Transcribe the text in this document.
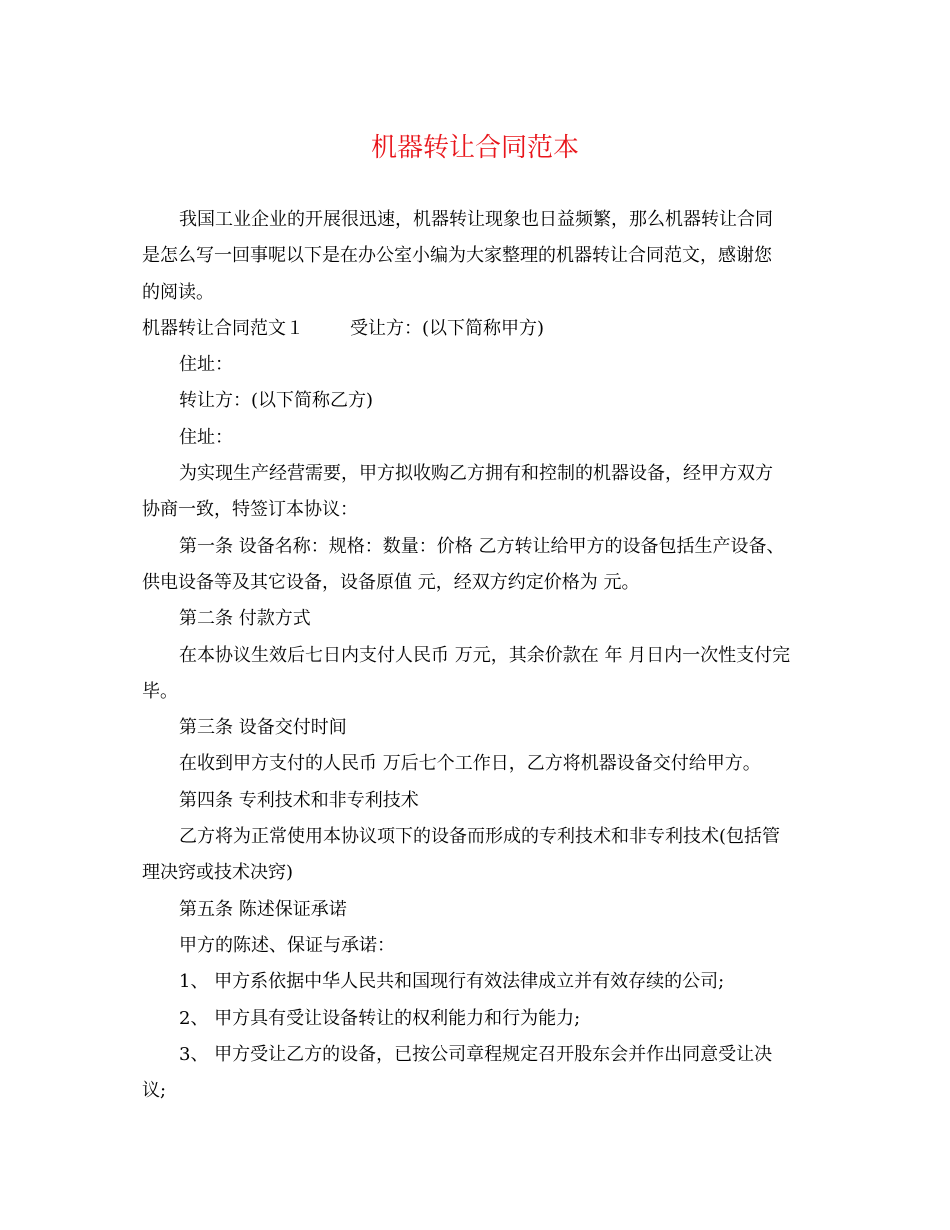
机器转让合同范本
我国工业企业的开展很迅速，机器转让现象也日益频繁，那么机器转让合同
是怎么写一回事呢以下是在办公室小编为大家整理的机器转让合同范文，感谢您
的阅读。
机器转让合同范文１	受让方：(以下简称甲方)
住址：
转让方：(以下简称乙方)
住址：
为实现生产经营需要，甲方拟收购乙方拥有和控制的机器设备，经甲方双方
协商一致，特签订本协议：
第一条 设备名称：规格：数量：价格 乙方转让给甲方的设备包括生产设备、
供电设备等及其它设备，设备原值 元，经双方约定价格为 元。
第二条 付款方式
在本协议生效后七日内支付人民币 万元，其余价款在 年 月日内一次性支付完
毕。
第三条 设备交付时间
在收到甲方支付的人民币 万后七个工作日，乙方将机器设备交付给甲方。
第四条 专利技术和非专利技术
乙方将为正常使用本协议项下的设备而形成的专利技术和非专利技术(包括管
理决窍或技术决窍)
第五条 陈述保证承诺
甲方的陈述、保证与承诺：
1、 甲方系依据中华人民共和国现行有效法律成立并有效存续的公司;
2、 甲方具有受让设备转让的权利能力和行为能力;
3、 甲方受让乙方的设备，已按公司章程规定召开股东会并作出同意受让决
议;
